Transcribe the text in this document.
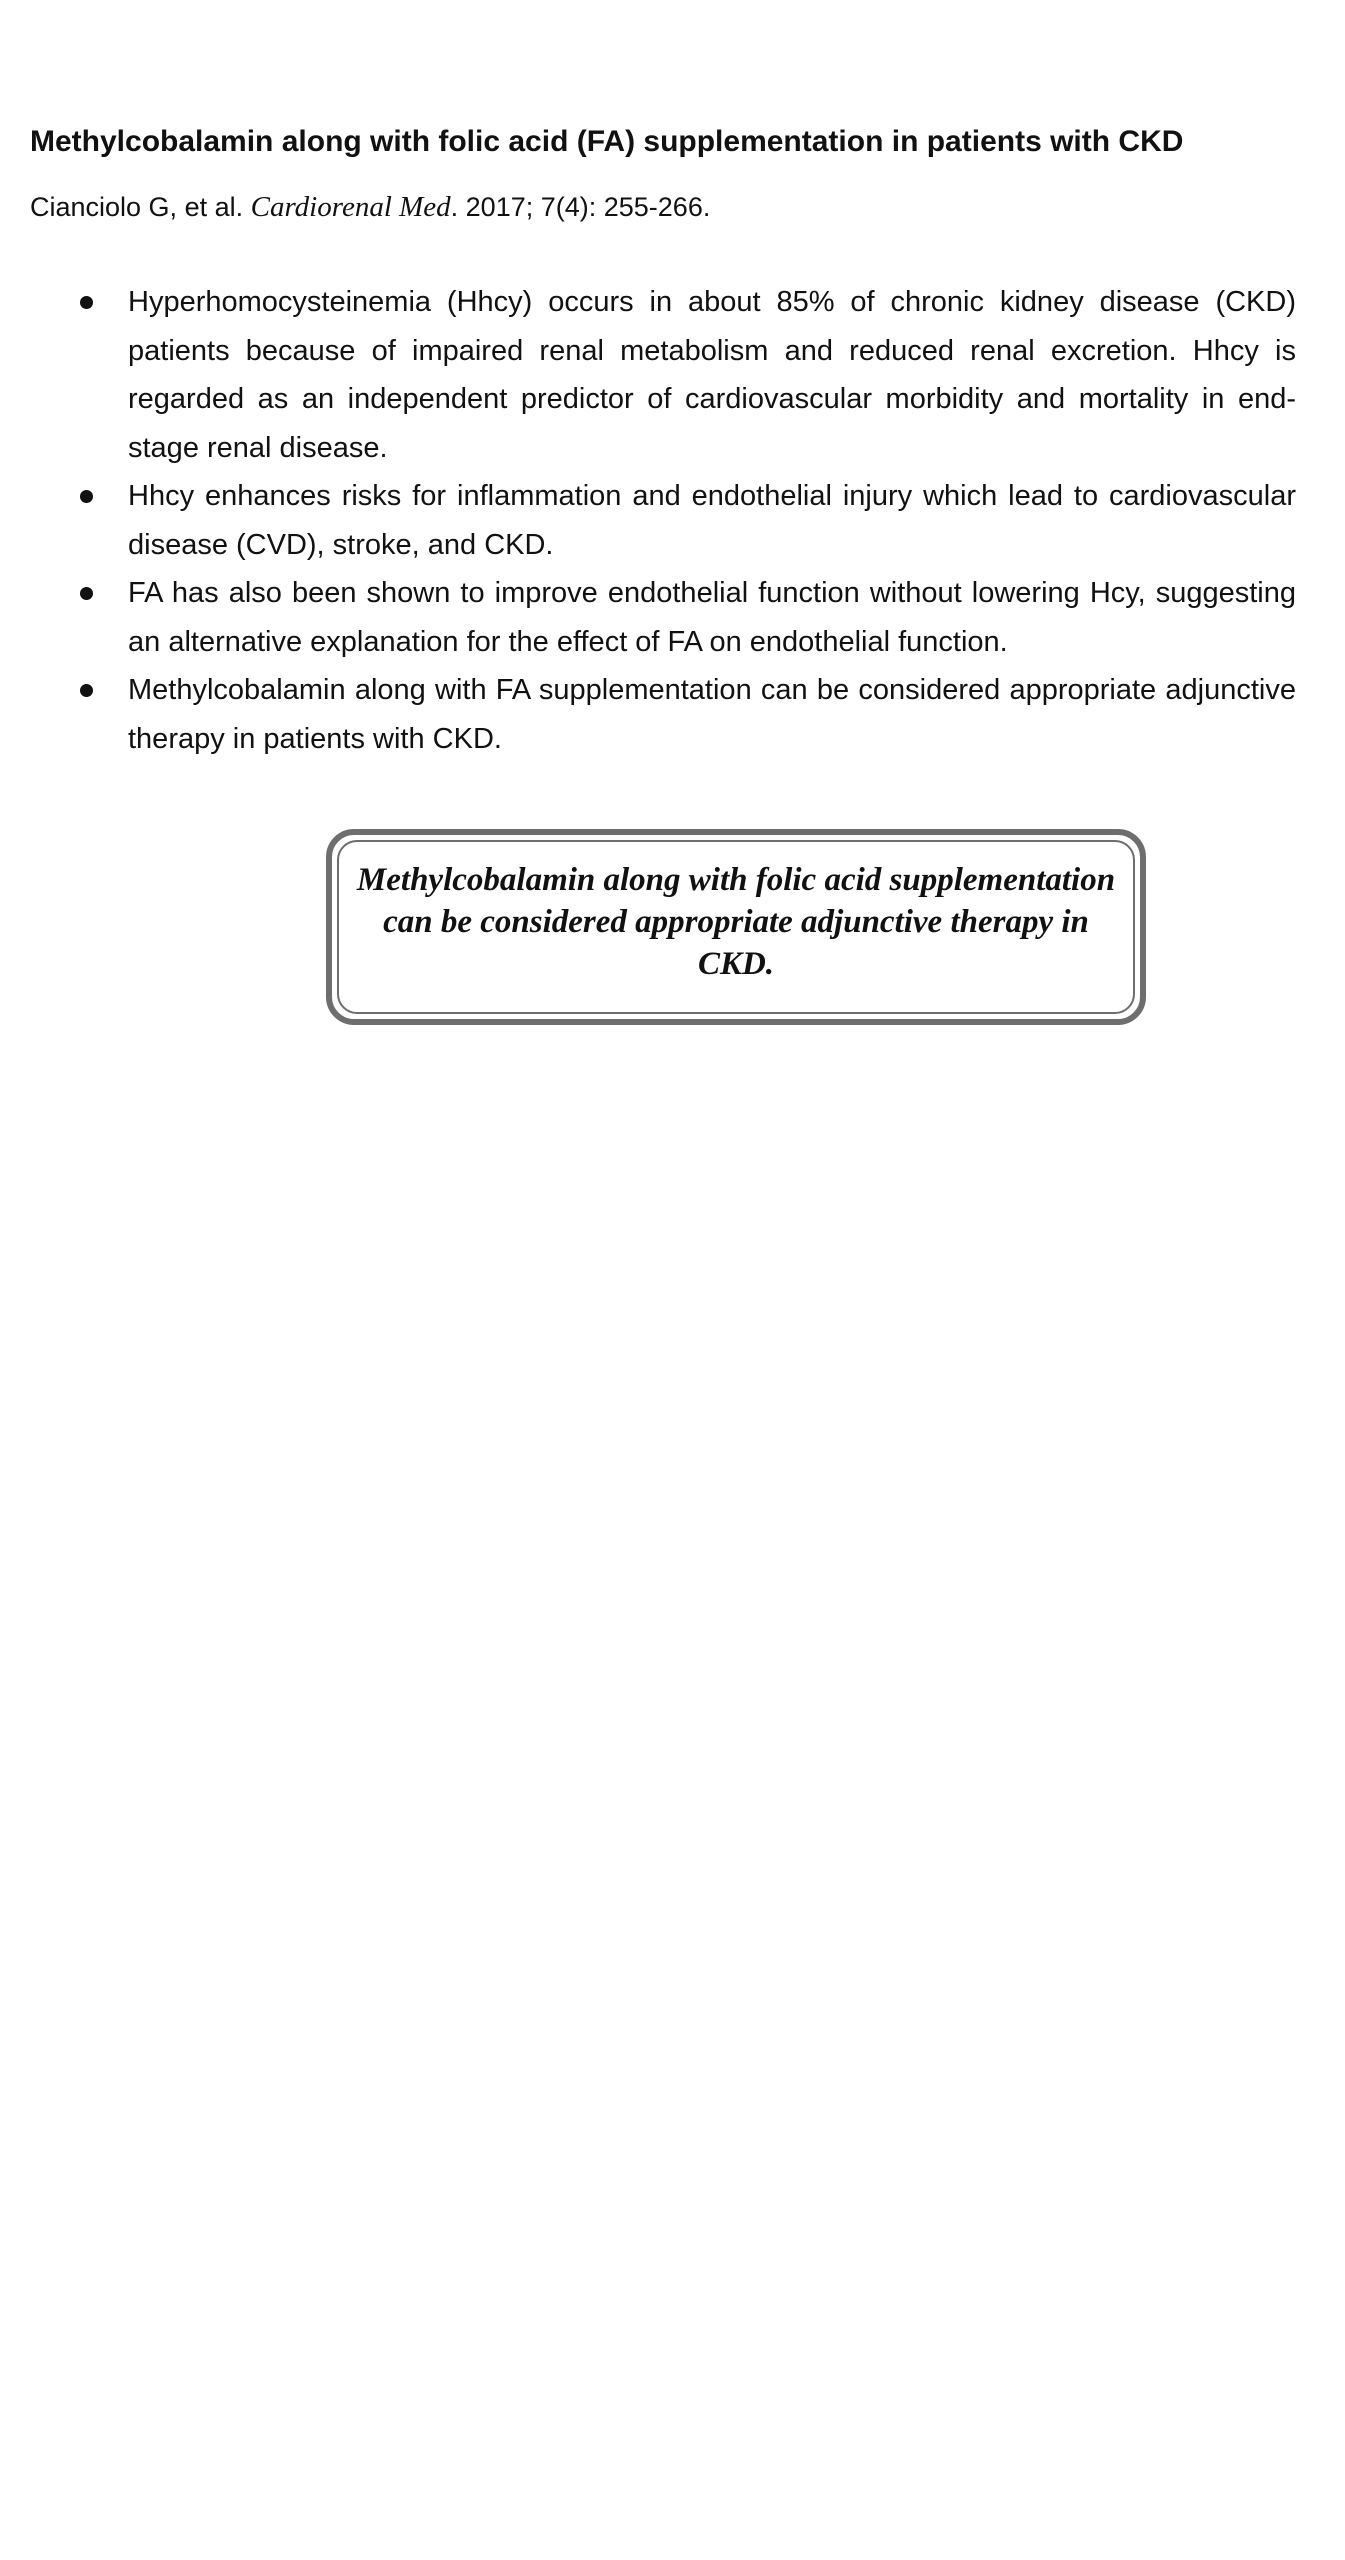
Methylcobalamin along with folic acid (FA) supplementation in patients with CKD

Cianciolo G, et al. Cardiorenal Med. 2017; 7(4): 255-266.

Hyperhomocysteinemia (Hhcy) occurs in about 85% of chronic kidney disease (CKD) patients because of impaired renal metabolism and reduced renal excretion. Hhcy is regarded as an independent predictor of cardiovascular morbidity and mortality in end-stage renal disease.
Hhcy enhances risks for inflammation and endothelial injury which lead to cardiovascular disease (CVD), stroke, and CKD.
FA has also been shown to improve endothelial function without lowering Hcy, suggesting an alternative explanation for the effect of FA on endothelial function.
Methylcobalamin along with FA supplementation can be considered appropriate adjunctive therapy in patients with CKD.

Methylcobalamin along with folic acid supplementation can be considered appropriate adjunctive therapy in CKD.
